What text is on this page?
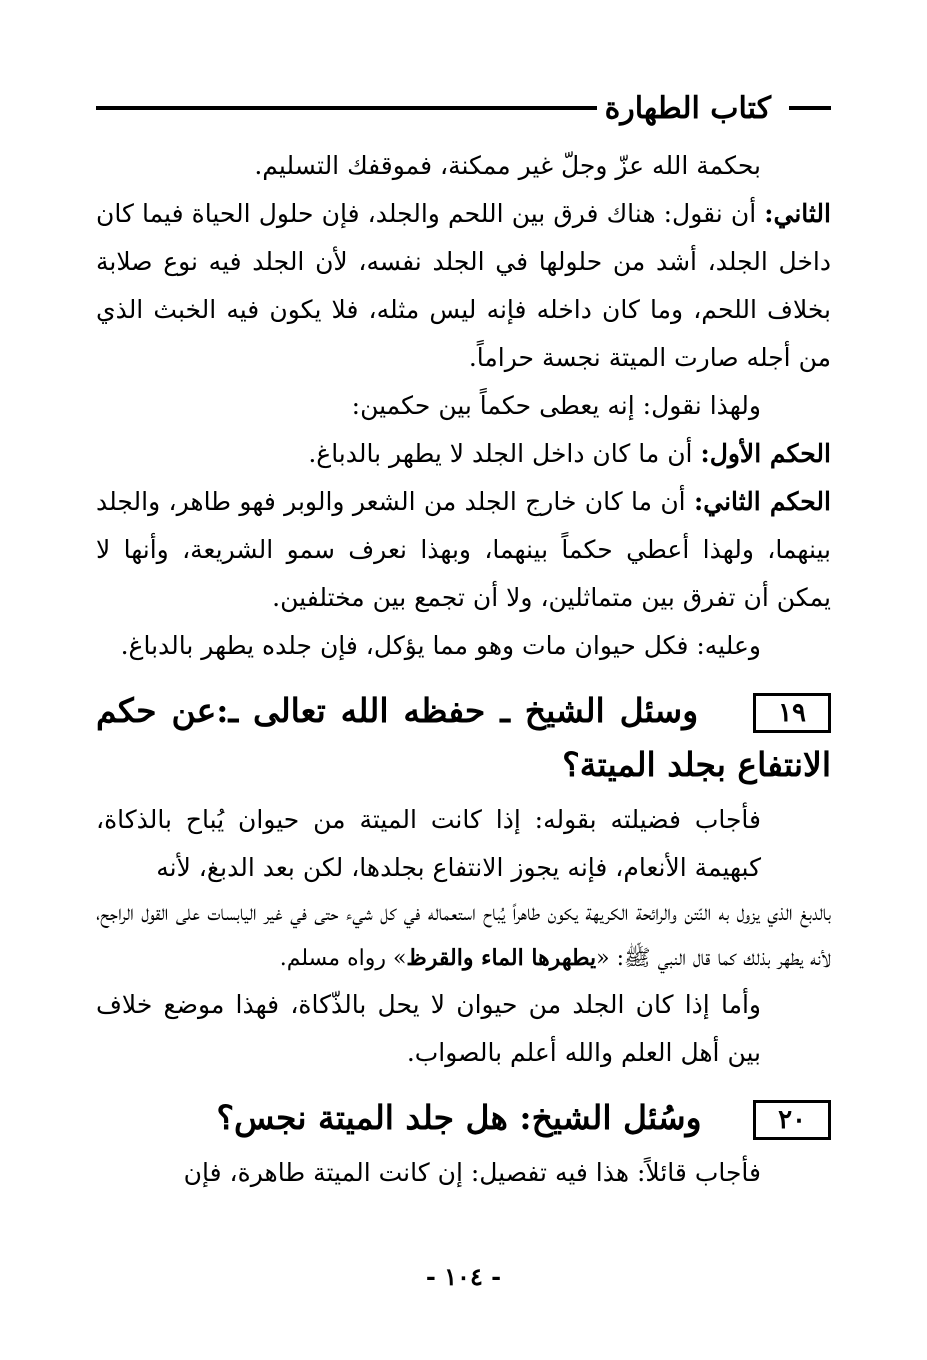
كتاب الطهارة

بحكمة الله عزّ وجلّ غير ممكنة، فموقفك التسليم.

الثاني: أن نقول: هناك فرق بين اللحم والجلد، فإن حلول الحياة فيما كان داخل الجلد، أشد من حلولها في الجلد نفسه، لأن الجلد فيه نوع صلابة بخلاف اللحم، وما كان داخله فإنه ليس مثله، فلا يكون فيه الخبث الذي من أجله صارت الميتة نجسة حراماً.

ولهذا نقول: إنه يعطى حكماً بين حكمين:

الحكم الأول: أن ما كان داخل الجلد لا يطهر بالدباغ.

الحكم الثاني: أن ما كان خارج الجلد من الشعر والوبر فهو طاهر، والجلد بينهما، ولهذا أعطي حكماً بينهما، وبهذا نعرف سمو الشريعة، وأنها لا يمكن أن تفرق بين متماثلين، ولا أن تجمع بين مختلفين.

وعليه: فكل حيوان مات وهو مما يؤكل، فإن جلده يطهر بالدباغ.

١٩ وسئل الشيخ ـ حفظه الله تعالى ـ:عن حكم الانتفاع بجلد الميتة؟

فأجاب فضيلته بقوله: إذا كانت الميتة من حيوان يُباح بالذكاة، كبهيمة الأنعام، فإنه يجوز الانتفاع بجلدها، لكن بعد الدبغ، لأنه

بالدبغ الذي يزول به النّتن والرائحة الكريهة يكون طاهراً يُباح استعماله في كل شيء حتى في غير اليابسات على القول الراجح، لأنه يطهر بذلك كما قال النبي ﷺ: «يطهرها الماء والقرظ» رواه مسلم.

وأما إذا كان الجلد من حيوان لا يحل بالذّكاة، فهذا موضع خلاف بين أهل العلم والله أعلم بالصواب.

٢٠ وسُئل الشيخ: هل جلد الميتة نجس؟

فأجاب قائلاً: هذا فيه تفصيل: إن كانت الميتة طاهرة، فإن

- ١٠٤ -
